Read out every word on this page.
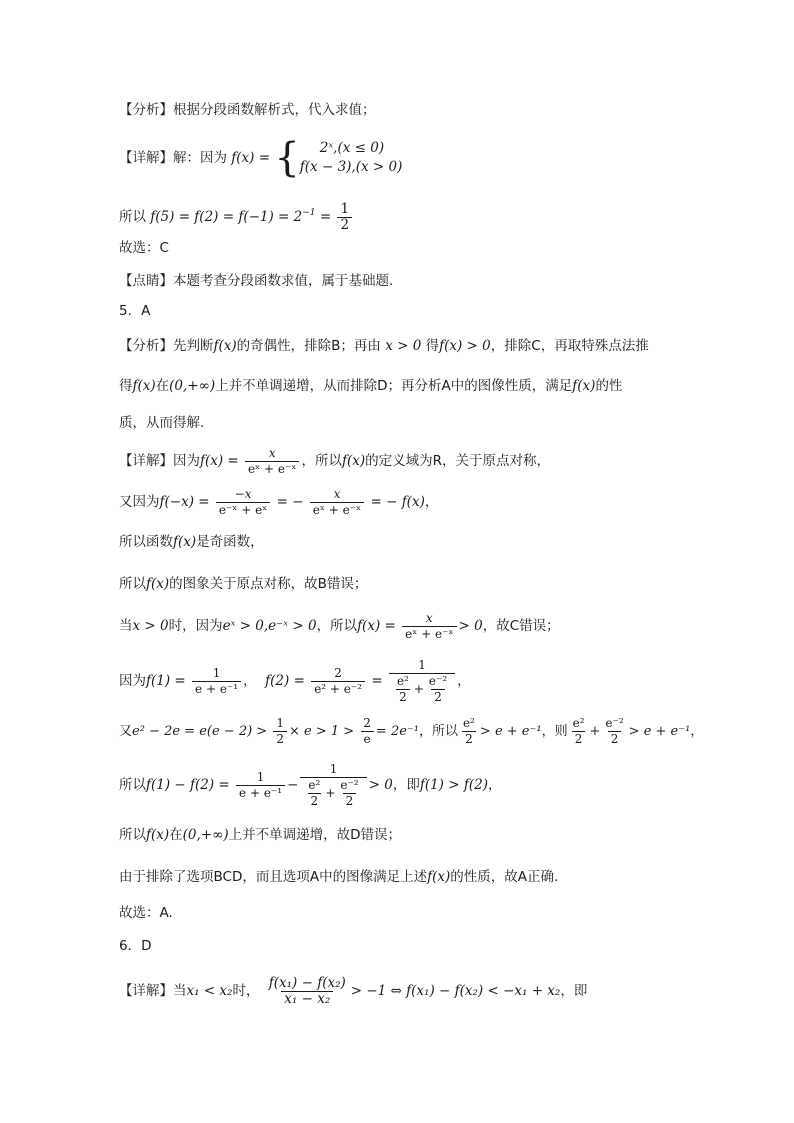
【分析】根据分段函数解析式，代入求值；
【详解】解：因为 f(x) = {	2ˣ,(x ≤ 0)
f(x − 3),(x > 0)
所以 $f(5) = f(2) = f(-1) = 2^{-1} = \frac{1}{2}$
故选：C
【点睛】本题考查分段函数求值，属于基础题.
5．A
【分析】先判断f(x)的奇偶性，排除B；再由 x > 0 得f(x) > 0，排除C，再取特殊点法推
得f(x)在(0,+∞)上并不单调递增，从而排除D；再分析A中的图像性质，满足f(x)的性
质，从而得解.
【详解】因为$f(x) = \frac{x}{\text{eˣ + e⁻ˣ}}$ ，所以f(x)的定义域为R，关于原点对称，
又因为$f(-x) = \frac{-x}{\text{e⁻ˣ + eˣ}}$ = − $\frac{x}{\text{eˣ + e⁻ˣ}}$ = − f(x)，
所以函数f(x)是奇函数，
所以f(x)的图象关于原点对称，故B错误；
当x > 0时，因为eˣ > 0,e⁻ˣ > 0，所以$f(x) = \frac{x}{\text{eˣ + e⁻ˣ}} > 0$，故C错误；
因为$f(1) = \frac{1}{\text{e + e⁻¹}}$ ， $f(2) = \frac{2}{\text{e² + e⁻²}} = \frac{1}{\frac{\text{e²}}{2} + \frac{\text{e⁻²}}{2}}$ ，
又$e^2 - 2e = e(e - 2) > \frac{1}{2} \times e > 1 > \frac{2}{e} = 2e^{-1}$，所以 $\frac{\text{e²}}{2} > e + e^{-1}$，则 $\frac{\text{e²}}{2} + \frac{\text{e⁻²}}{2} > e + e^{-1}$，
所以$f(1) - f(2) = \frac{1}{\text{e + e⁻¹}} - \frac{1}{\frac{\text{e²}}{2} + \frac{\text{e⁻²}}{2}} > 0$，即f(1) > f(2)，
所以f(x)在(0,+∞)上并不单调递增，故D错误；
由于排除了选项BCD，而且选项A中的图像满足上述f(x)的性质，故A正确.
故选：A.
6．D
【详解】当x₁ < x₂时， $\frac{\text{f(x₁) − f(x₂)}}{\text{x₁ − x₂}} > -1$ ⇔ f(x₁) − f(x₂) < −x₁ + x₂，即
